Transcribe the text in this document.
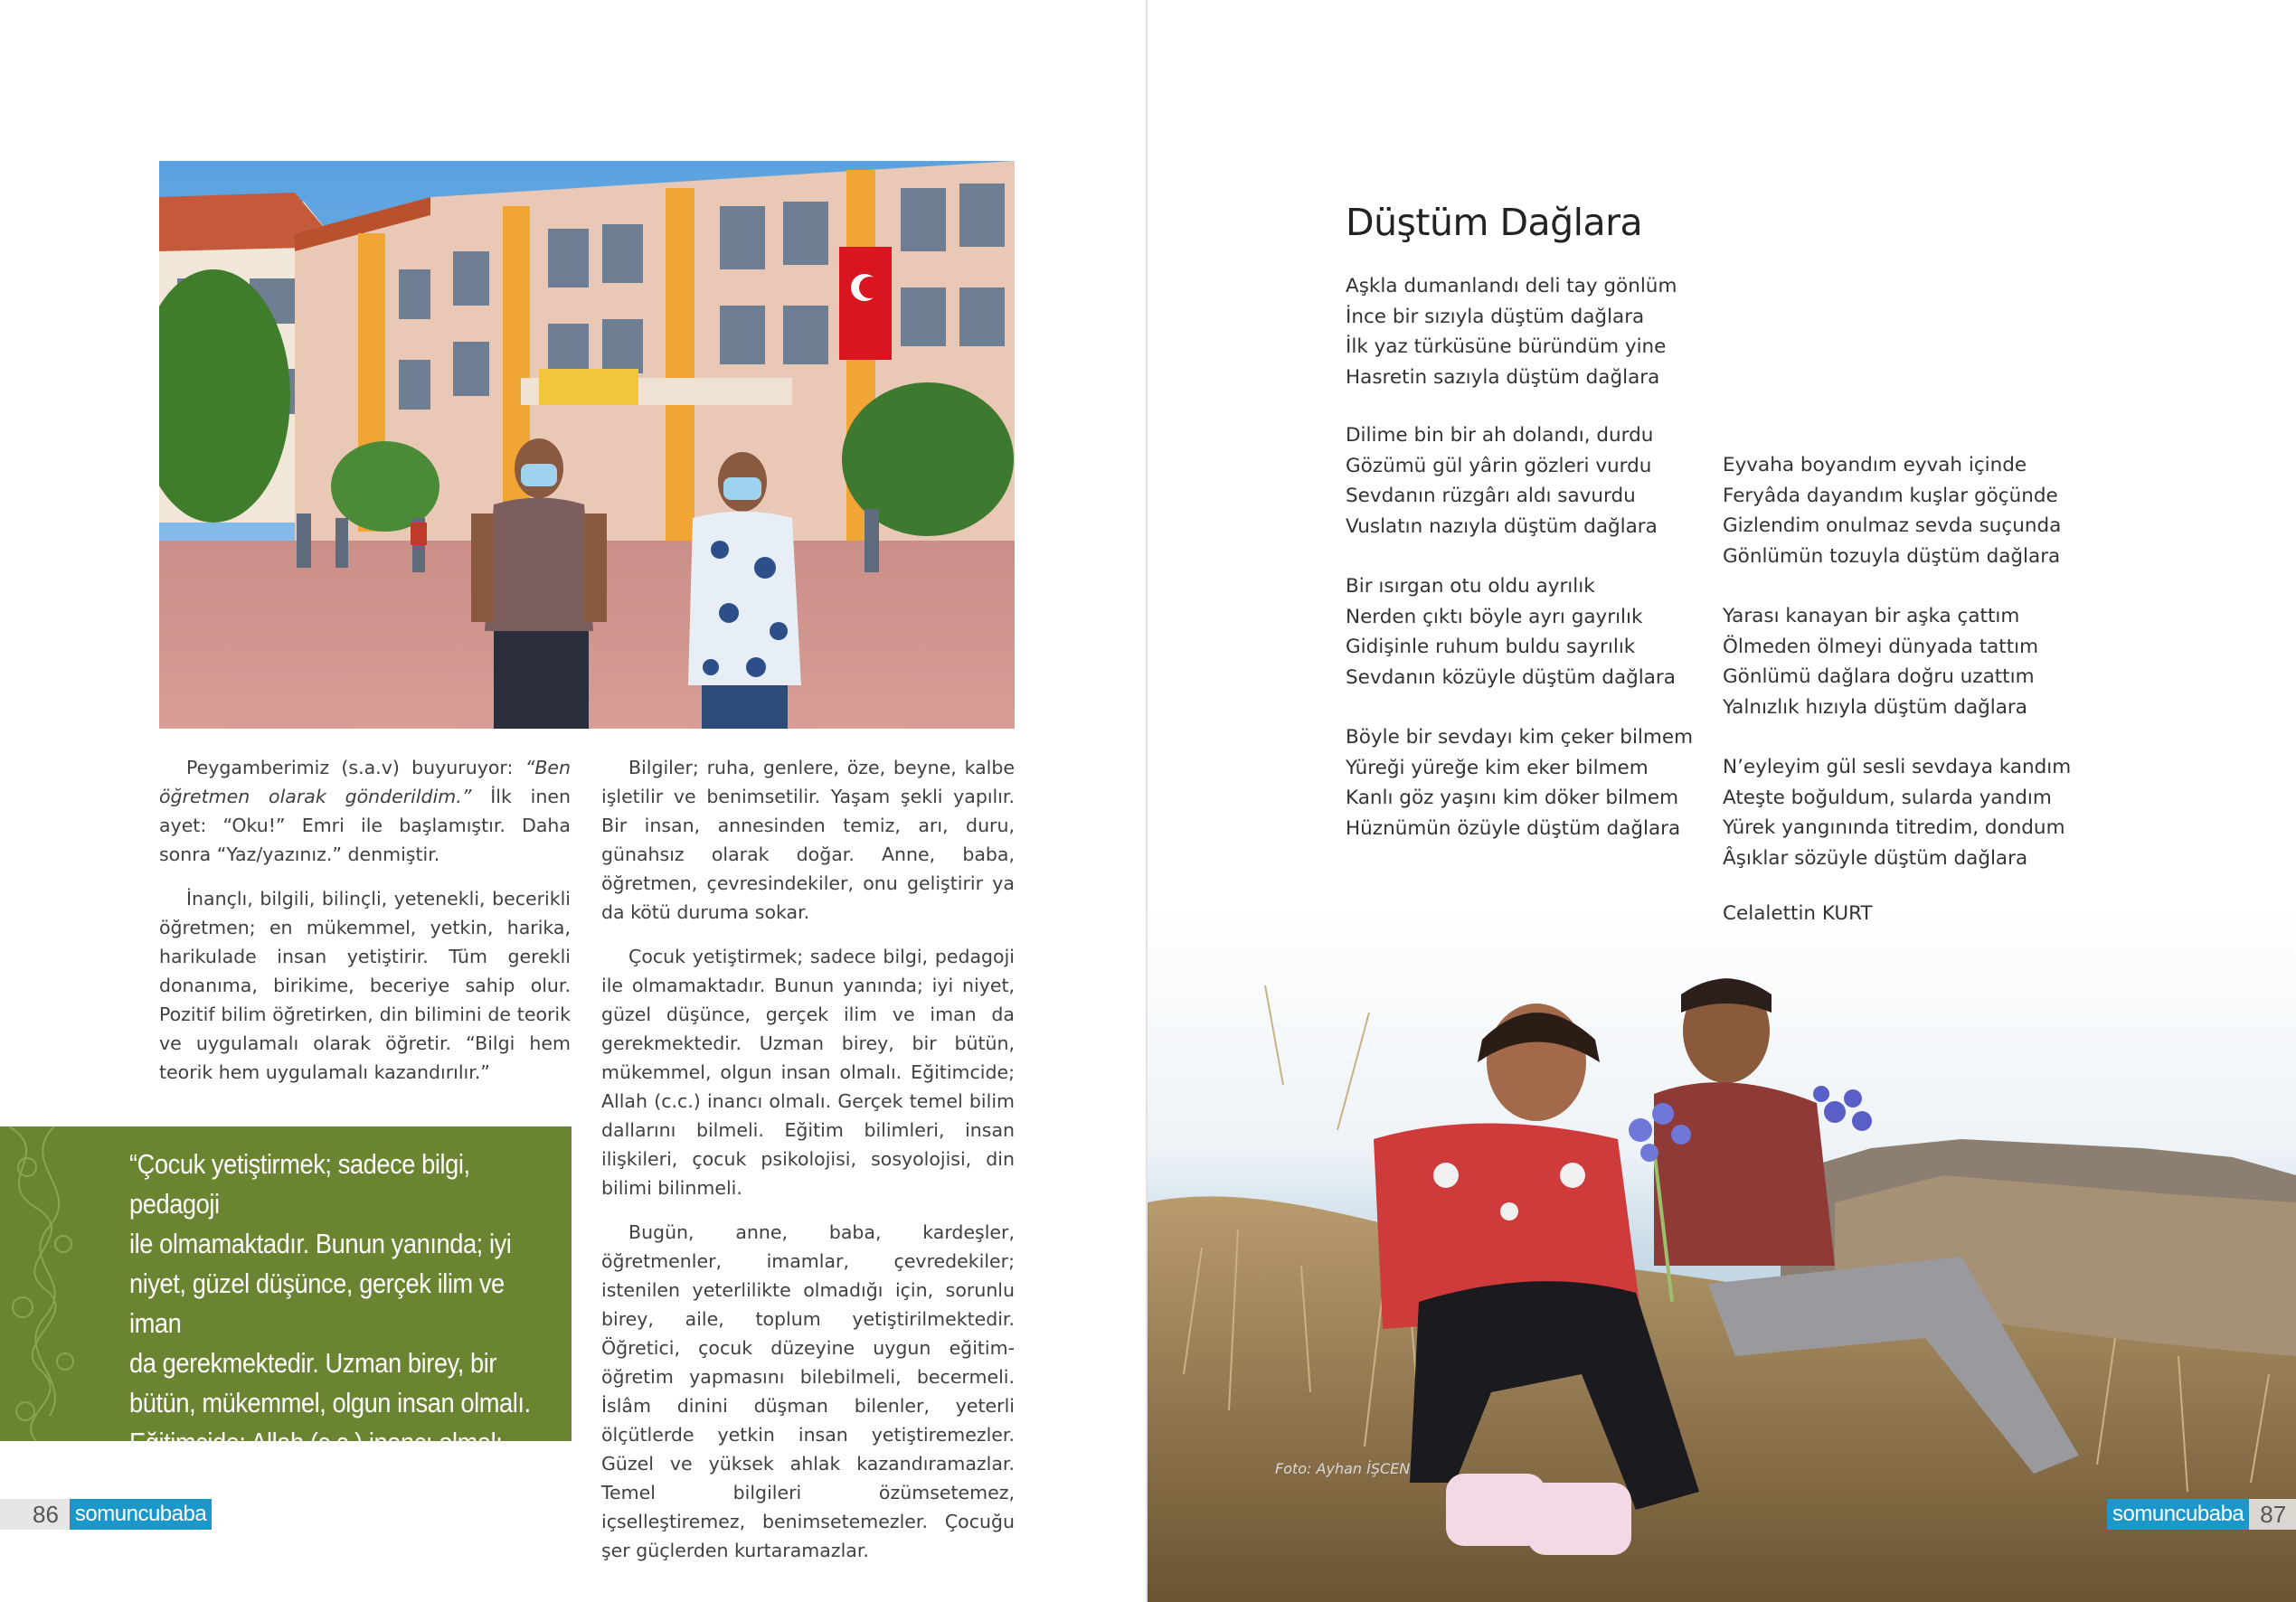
Peygamberimiz (s.a.v) buyuruyor: “Ben öğretmen olarak gönderildim.” İlk inen ayet: “Oku!” Emri ile başlamıştır. Daha sonra “Yaz/yazınız.” denmiştir.

İnançlı, bilgili, bilinçli, yetenekli, becerikli öğretmen; en mükemmel, yetkin, harika, harikulade insan yetiştirir. Tüm gerekli donanıma, birikime, beceriye sahip olur. Pozitif bilim öğretirken, din bilimini de teorik ve uygulamalı olarak öğretir. “Bilgi hem teorik hem uygulamalı kazandırılır.”

Bilgiler; ruha, genlere, öze, beyne, kalbe işletilir ve benimsetilir. Yaşam şekli yapılır. Bir insan, annesinden temiz, arı, duru, günahsız olarak doğar. Anne, baba, öğretmen, çevresindekiler, onu geliştirir ya da kötü duruma sokar.

Çocuk yetiştirmek; sadece bilgi, pedagoji ile olmamaktadır. Bunun yanında; iyi niyet, güzel düşünce, gerçek ilim ve iman da gerekmektedir. Uzman birey, bir bütün, mükemmel, olgun insan olmalı. Eğitimcide; Allah (c.c.) inancı olmalı. Gerçek temel bilim dallarını bilmeli. Eğitim bilimleri, insan ilişkileri, çocuk psikolojisi, sosyolojisi, din bilimi bilinmeli.

Bugün, anne, baba, kardeşler, öğretmenler, imamlar, çevredekiler; istenilen yeterlilikte olmadığı için, sorunlu birey, aile, toplum yetiştirilmektedir. Öğretici, çocuk düzeyine uygun eğitim-öğretim yapmasını bilebilmeli, becermeli. İslâm dinini düşman bilenler, yeterli ölçütlerde yetkin insan yetiştiremezler. Güzel ve yüksek ahlak kazandıramazlar. Temel bilgileri özümsetemez, içselleştiremez, benimsetemezler. Çocuğu şer güçlerden kurtaramazlar.

“Çocuk yetiştirmek; sadece bilgi, pedagoji
ile olmamaktadır. Bunun yanında; iyi
niyet, güzel düşünce, gerçek ilim ve iman
da gerekmektedir. Uzman birey, bir
bütün, mükemmel, olgun insan olmalı.
Eğitimcide; Allah (c.c.) inancı olmalı.
Gerçek temel bilim dallarını bilmeli.”
86 somuncubaba
Foto: Ayhan İŞCEN
Düştüm Dağlara
Aşkla dumanlandı deli tay gönlüm
İnce bir sızıyla düştüm dağlara
İlk yaz türküsüne büründüm yine
Hasretin sazıyla düştüm dağlara
Dilime bin bir ah dolandı, durdu
Gözümü gül yârin gözleri vurdu
Sevdanın rüzgârı aldı savurdu
Vuslatın nazıyla düştüm dağlara
Bir ısırgan otu oldu ayrılık
Nerden çıktı böyle ayrı gayrılık
Gidişinle ruhum buldu sayrılık
Sevdanın közüyle düştüm dağlara
Böyle bir sevdayı kim çeker bilmem
Yüreği yüreğe kim eker bilmem
Kanlı göz yaşını kim döker bilmem
Hüznümün özüyle düştüm dağlara
Eyvaha boyandım eyvah içinde
Feryâda dayandım kuşlar göçünde
Gizlendim onulmaz sevda suçunda
Gönlümün tozuyla düştüm dağlara
Yarası kanayan bir aşka çattım
Ölmeden ölmeyi dünyada tattım
Gönlümü dağlara doğru uzattım
Yalnızlık hızıyla düştüm dağlara
N’eyleyim gül sesli sevdaya kandım
Ateşte boğuldum, sularda yandım
Yürek yangınında titredim, dondum
Âşıklar sözüyle düştüm dağlara
Celalettin KURT
somuncubaba 87
